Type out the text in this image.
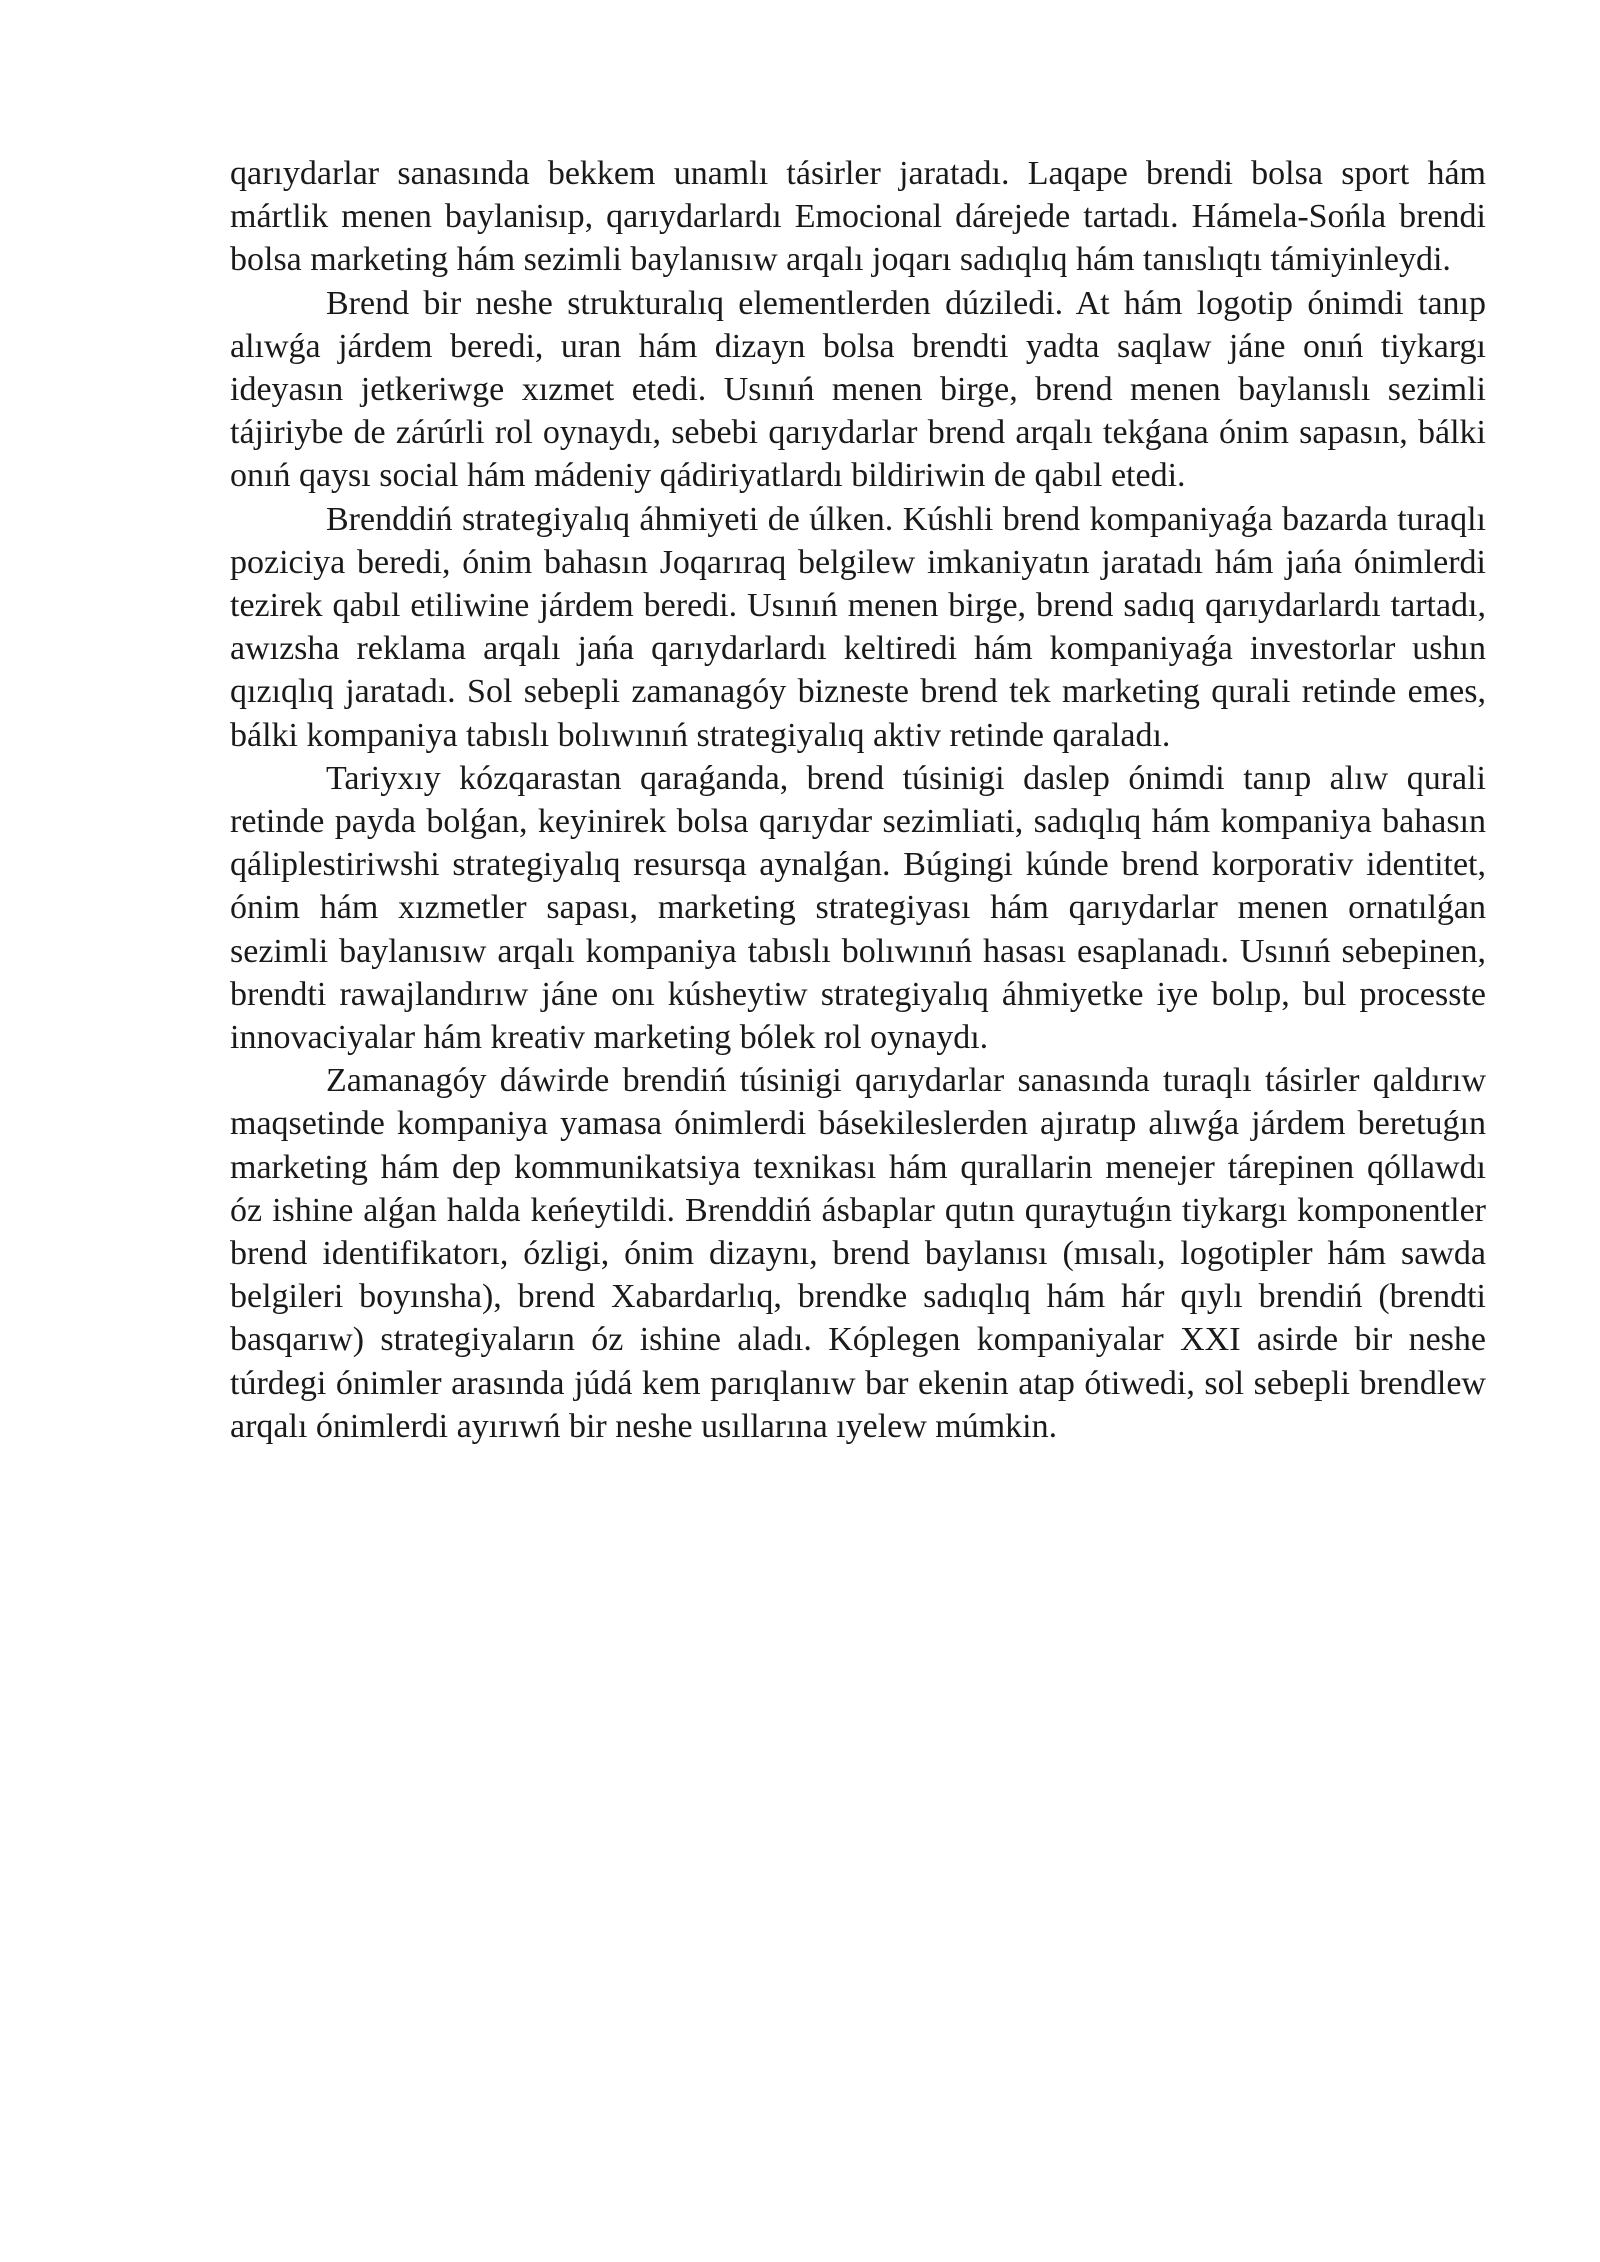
qarıydarlar sanasında bekkem unamlı tásirler jaratadı. Laqape brendi bolsa sport hám mártlik menen baylanisıp, qarıydarlardı Emocional dárejede tartadı. Hámela-Sońla brendi bolsa marketing hám sezimli baylanısıw arqalı joqarı sadıqlıq hám tanıslıqtı támiyinleydi.

Brend bir neshe strukturalıq elementlerden dúziledi. At hám logotip ónimdi tanıp alıwǵa járdem beredi, uran hám dizayn bolsa brendti yadta saqlaw jáne onıń tiykargı ideyasın jetkeriwge xızmet etedi. Usınıń menen birge, brend menen baylanıslı sezimli tájiriybe de zárúrli rol oynaydı, sebebi qarıydarlar brend arqalı tekǵana ónim sapasın, bálki onıń qaysı social hám mádeniy qádiriyatlardı bildiriwin de qabıl etedi.

Brenddiń strategiyalıq áhmiyeti de úlken. Kúshli brend kompaniyaǵa bazarda turaqlı poziciya beredi, ónim bahasın Joqarıraq belgilew imkaniyatın jaratadı hám jańa ónimlerdi tezirek qabıl etiliwine járdem beredi. Usınıń menen birge, brend sadıq qarıydarlardı tartadı, awızsha reklama arqalı jańa qarıydarlardı keltiredi hám kompaniyaǵa investorlar ushın qızıqlıq jaratadı. Sol sebepli zamanagóy bizneste brend tek marketing qurali retinde emes, bálki kompaniya tabıslı bolıwınıń strategiyalıq aktiv retinde qaraladı.

Tariyxıy kózqarastan qaraǵanda, brend túsinigi daslep ónimdi tanıp alıw qurali retinde payda bolǵan, keyinirek bolsa qarıydar sezimliati, sadıqlıq hám kompaniya bahasın qáliplestiriwshi strategiyalıq resursqa aynalǵan. Búgingi kúnde brend korporativ identitet, ónim hám xızmetler sapası, marketing strategiyası hám qarıydarlar menen ornatılǵan sezimli baylanısıw arqalı kompaniya tabıslı bolıwınıń hasası esaplanadı. Usınıń sebepinen, brendti rawajlandırıw jáne onı kúsheytiw strategiyalıq áhmiyetke iye bolıp, bul processte innovaciyalar hám kreativ marketing bólek rol oynaydı.

Zamanagóy dáwirde brendiń túsinigi qarıydarlar sanasında turaqlı tásirler qaldırıw maqsetinde kompaniya yamasa ónimlerdi básekileslerden ajıratıp alıwǵa járdem beretuǵın marketing hám dep kommunikatsiya texnikası hám qurallarin menejer tárepinen qóllawdı óz ishine alǵan halda keńeytildi. Brenddiń ásbaplar qutın quraytuǵın tiykargı komponentler brend identifikatorı, ózligi, ónim dizaynı, brend baylanısı (mısalı, logotipler hám sawda belgileri boyınsha), brend Xabardarlıq, brendke sadıqlıq hám hár qıylı brendiń (brendti basqarıw) strategiyaların óz ishine aladı. Kóplegen kompaniyalar XXI asirde bir neshe túrdegi ónimler arasında júdá kem parıqlanıw bar ekenin atap ótiwedi, sol sebepli brendlew arqalı ónimlerdi ayırıwń bir neshe usıllarına ıyelew múmkin.
